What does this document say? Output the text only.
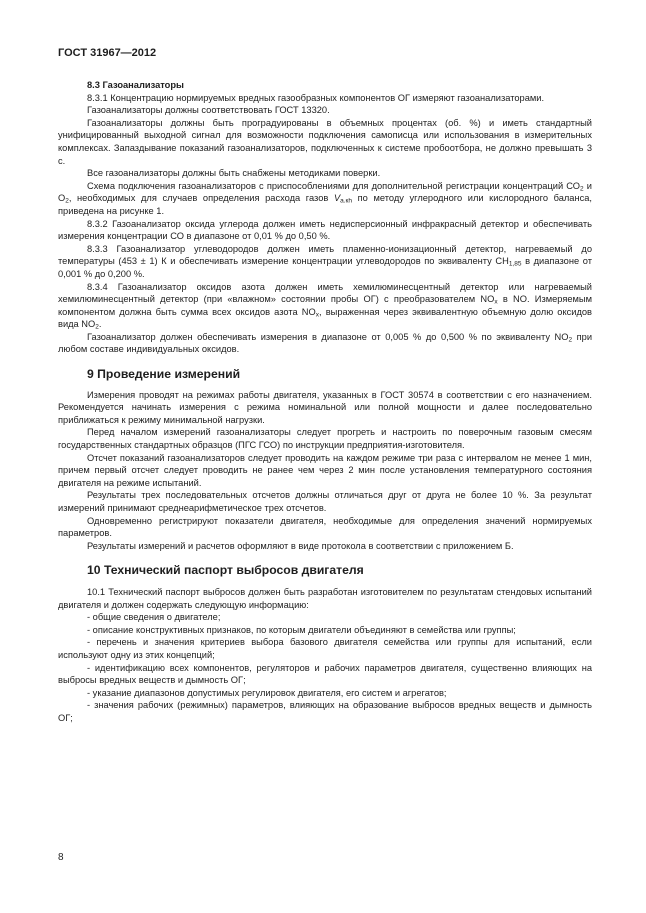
ГОСТ 31967—2012

8.3 Газоанализаторы

8.3.1 Концентрацию нормируемых вредных газообразных компонентов ОГ измеряют газоанализаторами.

Газоанализаторы должны соответствовать ГОСТ 13320.

Газоанализаторы должны быть проградуированы в объемных процентах (об. %) и иметь стандартный унифицированный выходной сигнал для возможности подключения самописца или использования в измерительных комплексах. Запаздывание показаний газоанализаторов, подключенных к системе пробоотбора, не должно превышать 3 с.

Все газоанализаторы должны быть снабжены методиками поверки.

Схема подключения газоанализаторов с приспособлениями для дополнительной регистрации концентраций $СО_2$ и $О_2$, необходимых для случаев определения расхода газов $V_{a.кh}$ по методу углеродного или кислородного баланса, приведена на рисунке 1.

8.3.2 Газоанализатор оксида углерода должен иметь недисперсионный инфракрасный детектор и обеспечивать измерения концентрации СО в диапазоне от 0,01 % до 0,50 %.

8.3.3 Газоанализатор углеводородов должен иметь пламенно-ионизационный детектор, нагреваемый до температуры (453 ± 1) К и обеспечивать измерение концентрации углеводородов по эквиваленту $СН_{1,85}$ в диапазоне от 0,001 % до 0,200 %.

8.3.4 Газоанализатор оксидов азота должен иметь хемилюминесцентный детектор или нагреваемый хемилюминесцентный детектор (при «влажном» состоянии пробы ОГ) с преобразователем $NО_x$ в NО. Измеряемым компонентом должна быть сумма всех оксидов азота $NО_x$, выраженная через эквивалентную объемную долю оксидов вида $NО_2$.

Газоанализатор должен обеспечивать измерения в диапазоне от 0,005 % до 0,500 % по эквиваленту $NО_2$ при любом составе индивидуальных оксидов.

9 Проведение измерений

Измерения проводят на режимах работы двигателя, указанных в ГОСТ 30574 в соответствии с его назначением. Рекомендуется начинать измерения с режима номинальной или полной мощности и далее последовательно приближаться к режиму минимальной нагрузки.

Перед началом измерений газоанализаторы следует прогреть и настроить по поверочным газовым смесям государственных стандартных образцов (ПГС ГСО) по инструкции предприятия-изготовителя.

Отсчет показаний газоанализаторов следует проводить на каждом режиме три раза с интервалом не менее 1 мин, причем первый отсчет следует проводить не ранее чем через 2 мин после установления температурного состояния двигателя на режиме испытаний.

Результаты трех последовательных отсчетов должны отличаться друг от друга не более 10 %. За результат измерений принимают среднеарифметическое трех отсчетов.

Одновременно регистрируют показатели двигателя, необходимые для определения значений нормируемых параметров.

Результаты измерений и расчетов оформляют в виде протокола в соответствии с приложением Б.

10 Технический паспорт выбросов двигателя

10.1 Технический паспорт выбросов должен быть разработан изготовителем по результатам стендовых испытаний двигателя и должен содержать следующую информацию:

- общие сведения о двигателе;

- описание конструктивных признаков, по которым двигатели объединяют в семейства или группы;

- перечень и значения критериев выбора базового двигателя семейства или группы для испытаний, если используют одну из этих концепций;

- идентификацию всех компонентов, регуляторов и рабочих параметров двигателя, существенно влияющих на выбросы вредных веществ и дымность ОГ;

- указание диапазонов допустимых регулировок двигателя, его систем и агрегатов;

- значения рабочих (режимных) параметров, влияющих на образование выбросов вредных веществ и дымность ОГ;

8
